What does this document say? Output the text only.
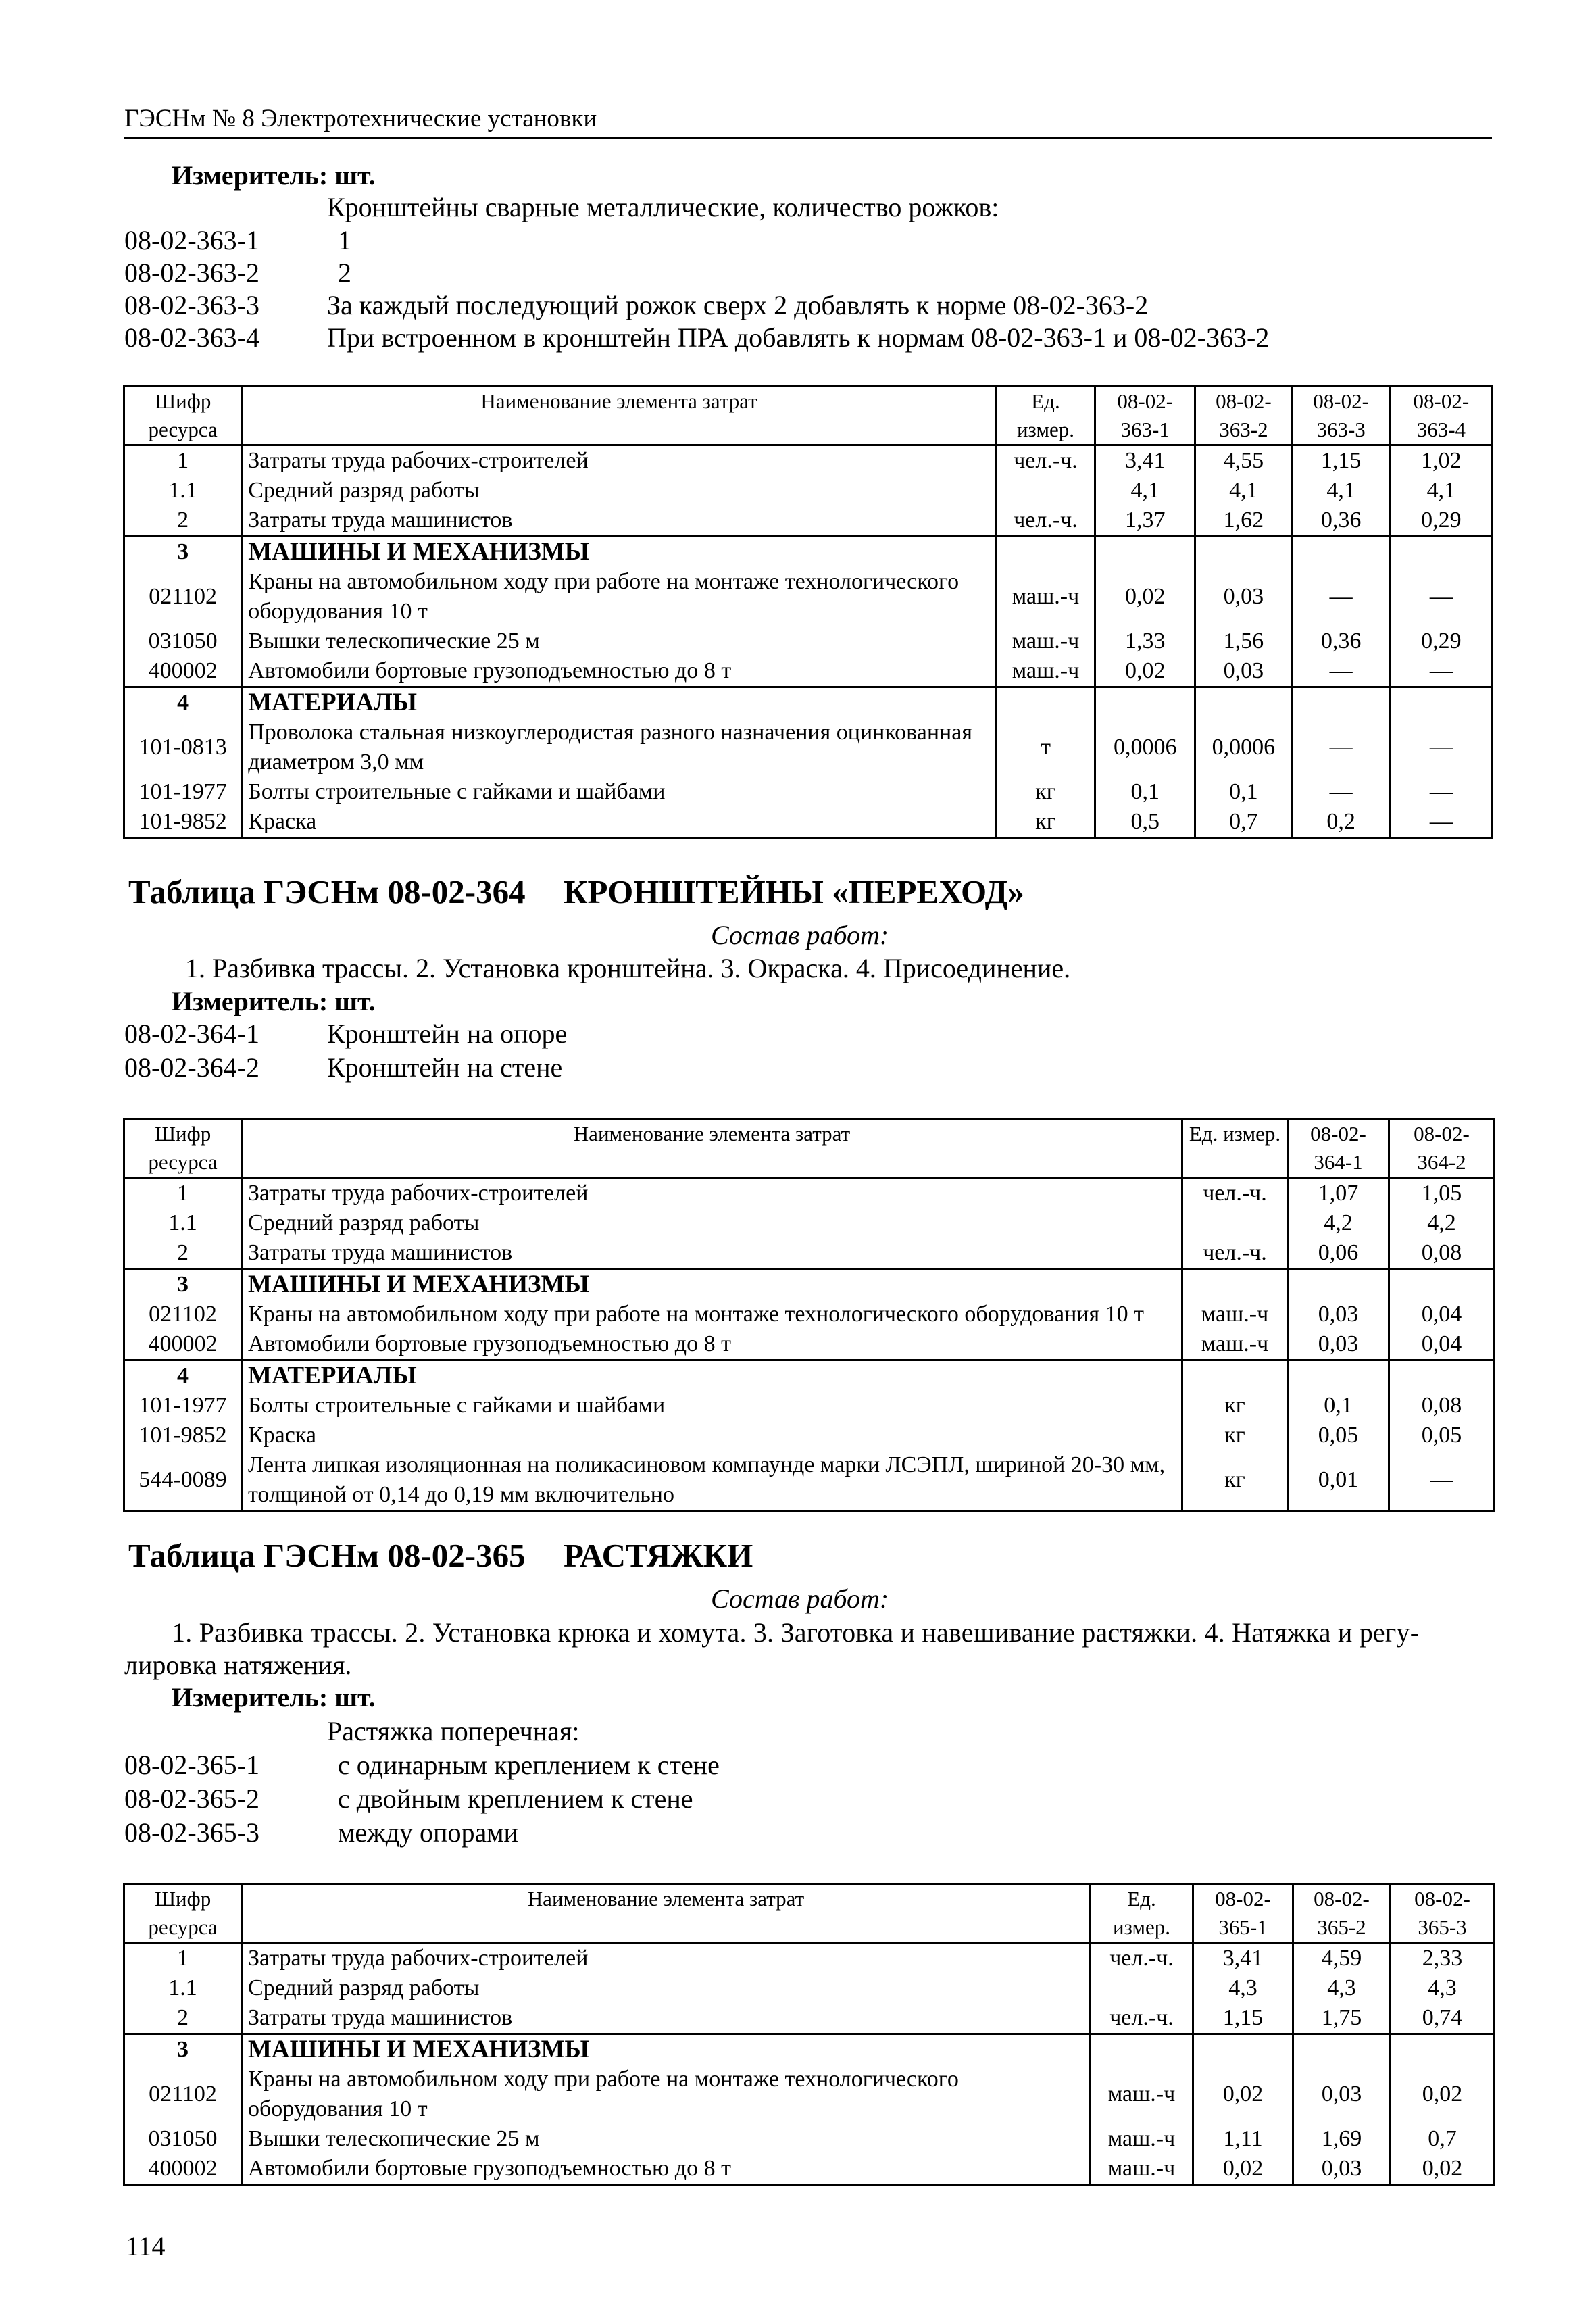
ГЭСНм № 8 Электротехнические установки
Измеритель: шт.
Кронштейны сварные металлические, количество рожков:
08-02-363-1	1
08-02-363-2	2
08-02-363-3	За каждый последующий рожок сверх 2 добавлять к норме 08-02-363-2
08-02-363-4	При встроенном в кронштейн ПРА добавлять к нормам 08-02-363-1 и 08-02-363-2
Шифр ресурса	Наименование элемента затрат	Ед. измер.	08-02-363-1	08-02-363-2	08-02-363-3	08-02-363-4
1	Затраты труда рабочих-строителей	чел.-ч.	3,41	4,55	1,15	1,02
1.1	Средний разряд работы		4,1	4,1	4,1	4,1
2	Затраты труда машинистов	чел.-ч.	1,37	1,62	0,36	0,29
3	МАШИНЫ И МЕХАНИЗМЫ					
021102	Краны на автомобильном ходу при работе на монтаже технологического оборудования 10 т	маш.-ч	0,02	0,03	—	—
031050	Вышки телескопические 25 м	маш.-ч	1,33	1,56	0,36	0,29
400002	Автомобили бортовые грузоподъемностью до 8 т	маш.-ч	0,02	0,03	—	—
4	МАТЕРИАЛЫ					
101-0813	Проволока стальная низкоуглеродистая разного назначения оцинкованная диаметром 3,0 мм	т	0,0006	0,0006	—	—
101-1977	Болты строительные с гайками и шайбами	кг	0,1	0,1	—	—
101-9852	Краска	кг	0,5	0,7	0,2	—
Таблица ГЭСНм 08-02-364 КРОНШТЕЙНЫ «ПЕРЕХОД»
Состав работ:
1. Разбивка трассы. 2. Установка кронштейна. 3. Окраска. 4. Присоединение.
Измеритель: шт.
08-02-364-1	Кронштейн на опоре
08-02-364-2	Кронштейн на стене
Шифр ресурса	Наименование элемента затрат	Ед. измер.	08-02-364-1	08-02-364-2
1	Затраты труда рабочих-строителей	чел.-ч.	1,07	1,05
1.1	Средний разряд работы		4,2	4,2
2	Затраты труда машинистов	чел.-ч.	0,06	0,08
3	МАШИНЫ И МЕХАНИЗМЫ			
021102	Краны на автомобильном ходу при работе на монтаже технологического оборудования 10 т	маш.-ч	0,03	0,04
400002	Автомобили бортовые грузоподъемностью до 8 т	маш.-ч	0,03	0,04
4	МАТЕРИАЛЫ			
101-1977	Болты строительные с гайками и шайбами	кг	0,1	0,08
101-9852	Краска	кг	0,05	0,05
544-0089	Лента липкая изоляционная на поликасиновом компаунде марки ЛСЭПЛ, шириной 20-30 мм, толщиной от 0,14 до 0,19 мм включительно	кг	0,01	—
Таблица ГЭСНм 08-02-365 РАСТЯЖКИ
Состав работ:
1. Разбивка трассы. 2. Установка крюка и хомута. 3. Заготовка и навешивание растяжки. 4. Натяжка и регу-
лировка натяжения.
Измеритель: шт.
Растяжка поперечная:
08-02-365-1	с одинарным креплением к стене
08-02-365-2	с двойным креплением к стене
08-02-365-3	между опорами
Шифр ресурса	Наименование элемента затрат	Ед. измер.	08-02-365-1	08-02-365-2	08-02-365-3
1	Затраты труда рабочих-строителей	чел.-ч.	3,41	4,59	2,33
1.1	Средний разряд работы		4,3	4,3	4,3
2	Затраты труда машинистов	чел.-ч.	1,15	1,75	0,74
3	МАШИНЫ И МЕХАНИЗМЫ				
021102	Краны на автомобильном ходу при работе на монтаже технологического оборудования 10 т	маш.-ч	0,02	0,03	0,02
031050	Вышки телескопические 25 м	маш.-ч	1,11	1,69	0,7
400002	Автомобили бортовые грузоподъемностью до 8 т	маш.-ч	0,02	0,03	0,02
114
